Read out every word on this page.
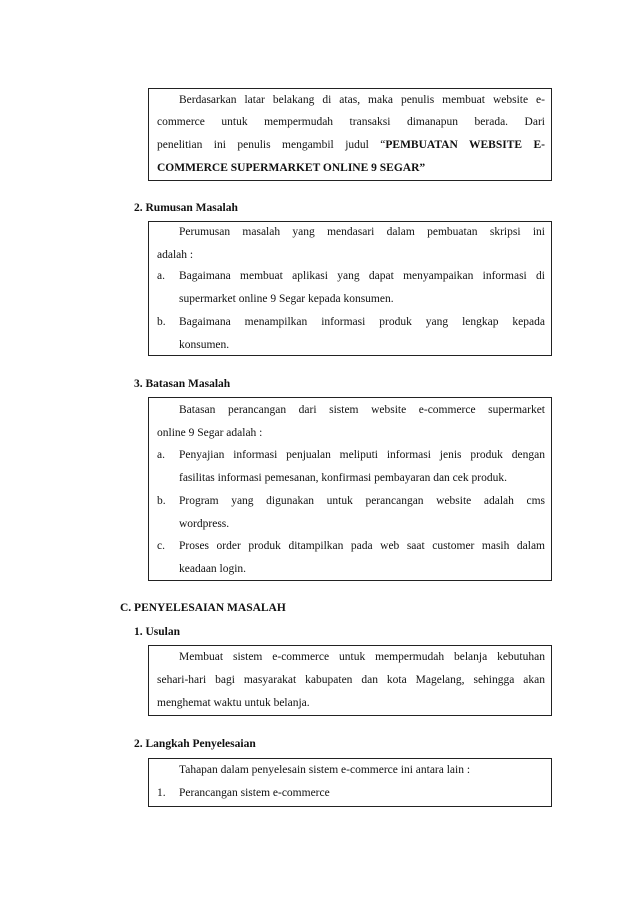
Berdasarkan latar belakang di atas, maka penulis membuat website e-
commerce untuk mempermudah transaksi dimanapun berada. Dari
penelitian ini penulis mengambil judul “PEMBUATAN WEBSITE E-
COMMERCE SUPERMARKET ONLINE 9 SEGAR”
2. Rumusan Masalah
Perumusan masalah yang mendasari dalam pembuatan skripsi ini
adalah :
a. Bagaimana membuat aplikasi yang dapat menyampaikan informasi di
supermarket online 9 Segar kepada konsumen.
b. Bagaimana menampilkan informasi produk yang lengkap kepada
konsumen.
3. Batasan Masalah
Batasan perancangan dari sistem website e-commerce supermarket
online 9 Segar adalah :
a. Penyajian informasi penjualan meliputi informasi jenis produk dengan
fasilitas informasi pemesanan, konfirmasi pembayaran dan cek produk.
b. Program yang digunakan untuk perancangan website adalah cms
wordpress.
c. Proses order produk ditampilkan pada web saat customer masih dalam
keadaan login.
C. PENYELESAIAN MASALAH
1. Usulan
Membuat sistem e-commerce untuk mempermudah belanja kebutuhan
sehari-hari bagi masyarakat kabupaten dan kota Magelang, sehingga akan
menghemat waktu untuk belanja.
2. Langkah Penyelesaian
Tahapan dalam penyelesain sistem e-commerce ini antara lain :
1. Perancangan sistem e-commerce
